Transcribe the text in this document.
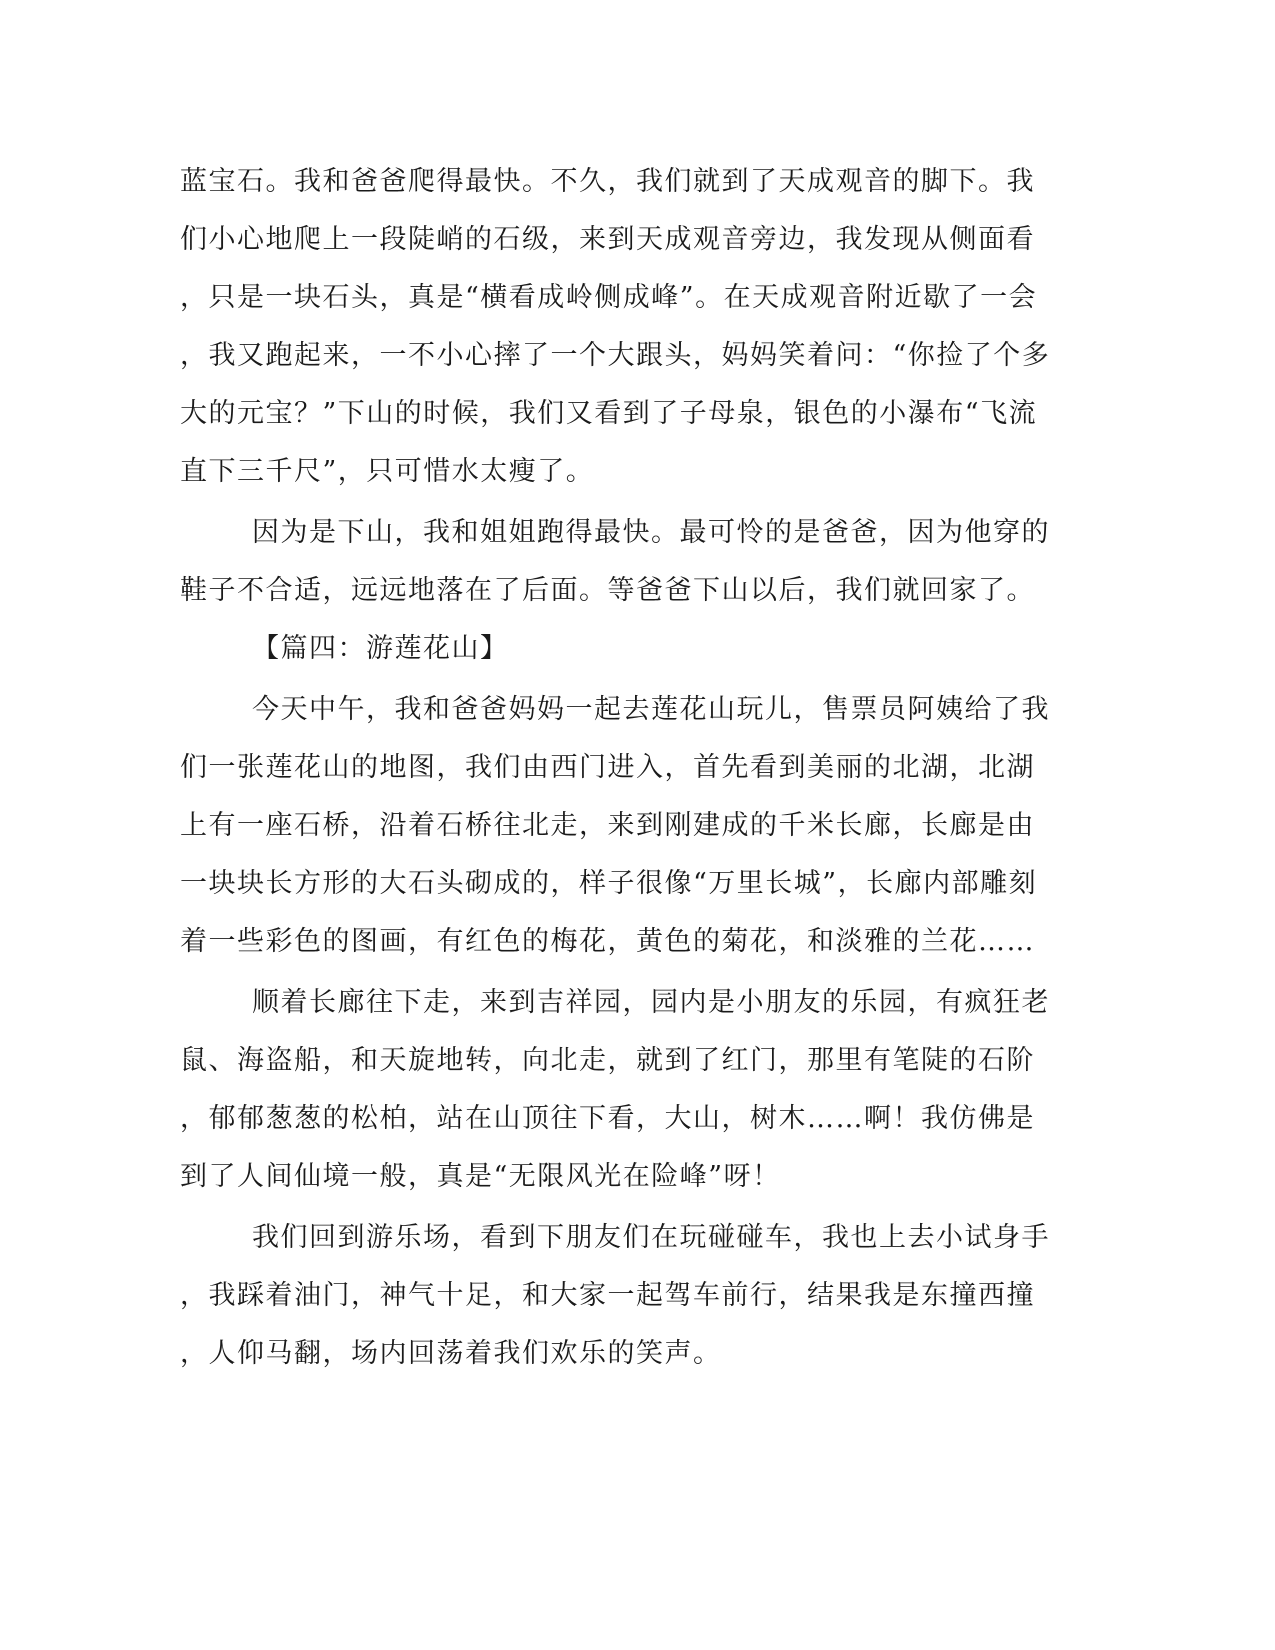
蓝宝石。我和爸爸爬得最快。不久，我们就到了天成观音的脚下。我
们小心地爬上一段陡峭的石级，来到天成观音旁边，我发现从侧面看
，只是一块石头，真是“横看成岭侧成峰”。在天成观音附近歇了一会
，我又跑起来，一不小心摔了一个大跟头，妈妈笑着问：“你捡了个多
大的元宝？”下山的时候，我们又看到了子母泉，银色的小瀑布“飞流
直下三千尺”，只可惜水太瘦了。
因为是下山，我和姐姐跑得最快。最可怜的是爸爸，因为他穿的
鞋子不合适，远远地落在了后面。等爸爸下山以后，我们就回家了。
【篇四：游莲花山】
今天中午，我和爸爸妈妈一起去莲花山玩儿，售票员阿姨给了我
们一张莲花山的地图，我们由西门进入，首先看到美丽的北湖，北湖
上有一座石桥，沿着石桥往北走，来到刚建成的千米长廊，长廊是由
一块块长方形的大石头砌成的，样子很像“万里长城”，长廊内部雕刻
着一些彩色的图画，有红色的梅花，黄色的菊花，和淡雅的兰花……
顺着长廊往下走，来到吉祥园，园内是小朋友的乐园，有疯狂老
鼠、海盗船，和天旋地转，向北走，就到了红门，那里有笔陡的石阶
，郁郁葱葱的松柏，站在山顶往下看，大山，树木……啊！我仿佛是
到了人间仙境一般，真是“无限风光在险峰”呀！
我们回到游乐场，看到下朋友们在玩碰碰车，我也上去小试身手
，我踩着油门，神气十足，和大家一起驾车前行，结果我是东撞西撞
，人仰马翻，场内回荡着我们欢乐的笑声。
